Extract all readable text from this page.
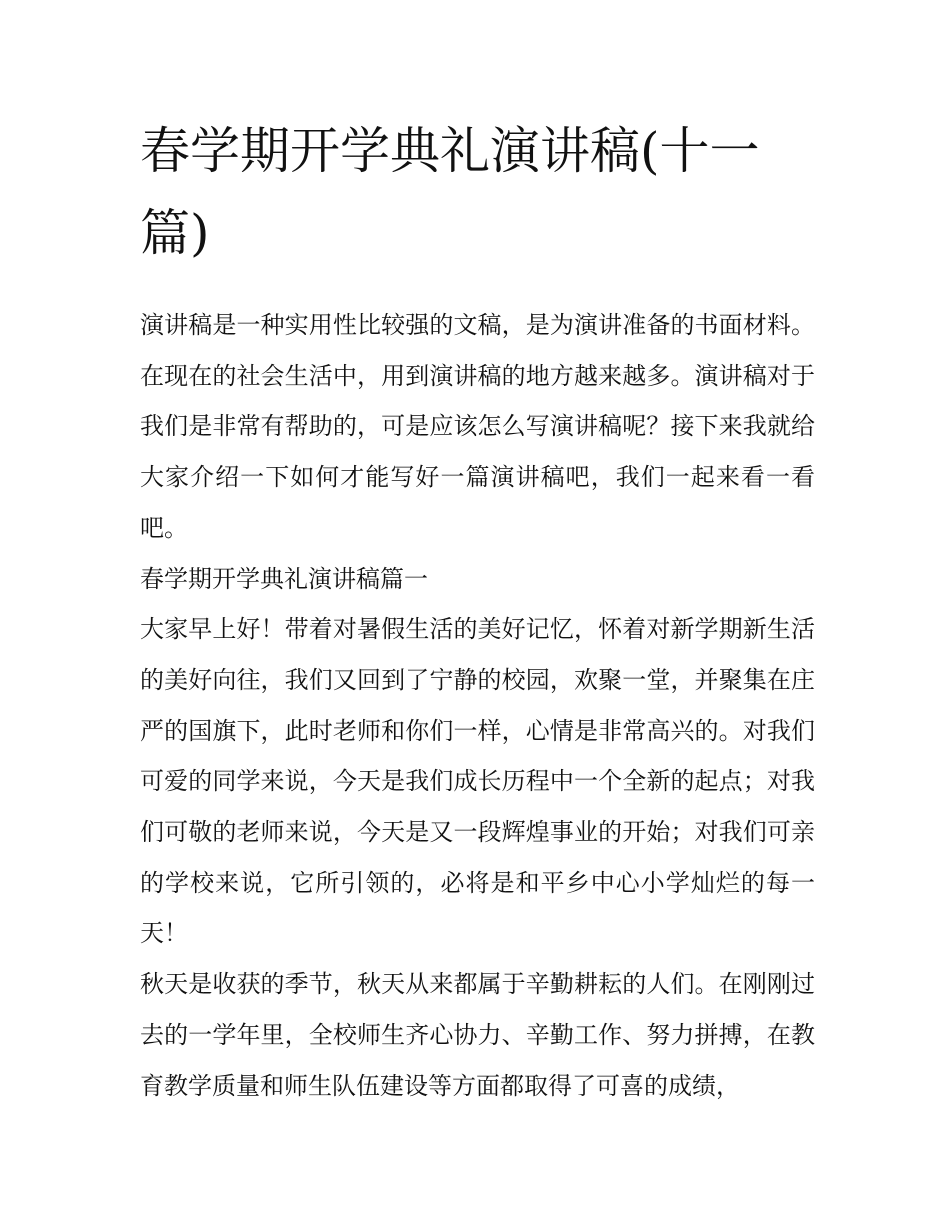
春学期开学典礼演讲稿(十一篇)

演讲稿是一种实用性比较强的文稿，是为演讲准备的书面材料。在现在的社会生活中，用到演讲稿的地方越来越多。演讲稿对于我们是非常有帮助的，可是应该怎么写演讲稿呢？接下来我就给大家介绍一下如何才能写好一篇演讲稿吧，我们一起来看一看吧。

春学期开学典礼演讲稿篇一

大家早上好！带着对暑假生活的美好记忆，怀着对新学期新生活的美好向往，我们又回到了宁静的校园，欢聚一堂，并聚集在庄严的国旗下，此时老师和你们一样，心情是非常高兴的。对我们可爱的同学来说，今天是我们成长历程中一个全新的起点；对我们可敬的老师来说，今天是又一段辉煌事业的开始；对我们可亲的学校来说，它所引领的，必将是和平乡中心小学灿烂的每一天！

秋天是收获的季节，秋天从来都属于辛勤耕耘的人们。在刚刚过去的一学年里，全校师生齐心协力、辛勤工作、努力拼搏，在教育教学质量和师生队伍建设等方面都取得了可喜的成绩，
